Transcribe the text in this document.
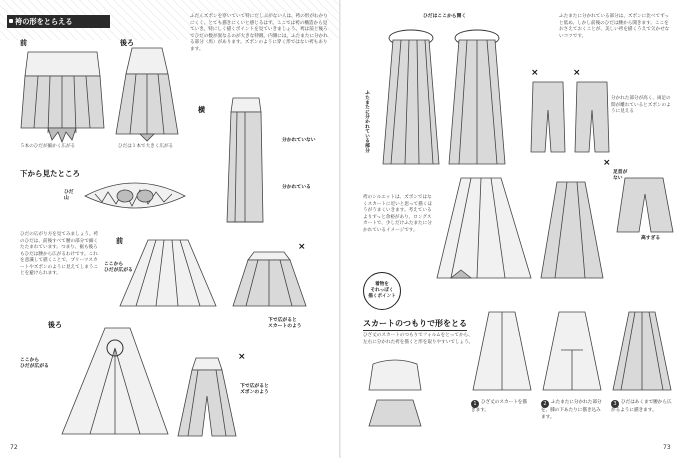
袴の形をとらえる
前	後ろ
５本のひだが細かく広がる	ひだは１本で大きく広がる
ふだんズボンを穿いていて特にだしぶがない人は、袴の形がわかりにくく、とても描きにくいと感じるはず。ここでは袴の構造から見ていき、特にしく描くポイントを見ていきましょう。袴は前と後ろでひだの数が異なるのが大きな特徴。内側には、ふたまたに分かれる部分（馬）があります。ズボンのように穿く形ではない袴もあります。
横
分かれていない
分かれている
下から見たところ
ひだ
山
ひだの広がり方を見てみましょう。袴のひだは、前後すべて腰の部分で細くたたまれています。つまり、裾も後ろもひだは腰から広がるわけです。これを意識して描くことで、プリーツスカートやズボンのように見えてしまうことを避けられます。
前
ここから
ひだが広がる
×
下で広がると
スカートのよう
後ろ
ここから
ひだが広がる
×
下で広がると
ズボンのよう
72
ひだはここから開く
ふたまたに分かれている部分
ふたまたに分かれている部分は、ズボンに比べてずっと低め。しかし前後のひだは腰から開きます。ここをおさえておくことが、美しい袴を描くうえで欠かせないコツです。
×	×
分かれた部分が高く、両足の間が離れているとズボンのように見える
袴のシルエットは、ズボンではなくスカートに近いと思って描くほうがうまくいきます。考えているよりずっと余裕があり、ロングスカートで、少しだけふたまたに分かれているイメージです。
足首が
ない
×
高すぎる
着物を
それっぽく
描くポイント
スカートのつもりで形をとる
ひざ丈のスカートのつもりでフォルムをとってから、左右に分かれた袴を描くと形を取りやすいでしょう。
1 ひざ丈のスカートを描きます。
2 ふたまたに分かれた部分を、膝の下あたりに描き込みます。
3 ひだはあくまで腰から広がるように描きます。
73
